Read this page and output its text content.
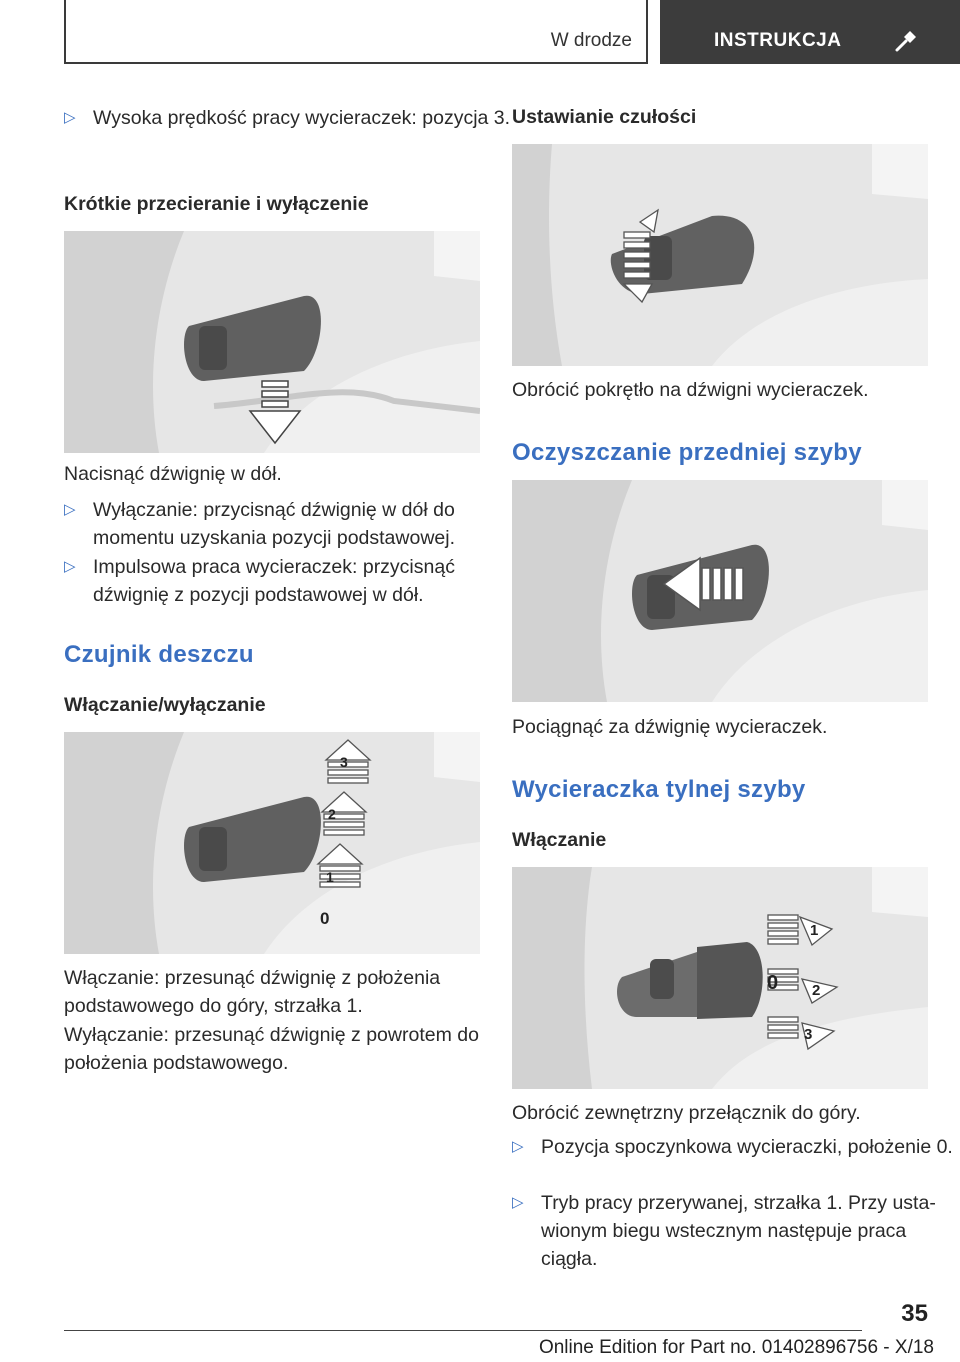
W drodze	INSTRUKCJA
▷ Wysoka prędkość pracy wycieraczek: pozycja 3.
Krótkie przecieranie i wyłączenie
Nacisnąć dźwignię w dół.
▷ Wyłączanie: przycisnąć dźwignię w dół do momentu uzyskania pozycji podstawowej.
▷ Impulsowa praca wycieraczek: przycisnąć dźwignię z pozycji podstawowej w dół.
Czujnik deszczu
Włączanie/wyłączanie
3
2
1
0
Włączanie: przesunąć dźwignię z położenia podstawowego do góry, strzałka 1.
Wyłączanie: przesunąć dźwignię z powrotem do położenia podstawowego.
Ustawianie czułości
Obrócić pokrętło na dźwigni wycieraczek.
Oczyszczanie przedniej szyby
Pociągnąć za dźwignię wycieraczek.
Wycieraczka tylnej szyby
Włączanie
1
0 2
3
Obrócić zewnętrzny przełącznik do góry.
▷ Pozycja spoczynkowa wycieraczki, położenie 0.
▷ Tryb pracy przerywanej, strzałka 1. Przy ustawionym biegu wstecznym następuje praca ciągła.
35
Online Edition for Part no. 01402896756 - X/18
